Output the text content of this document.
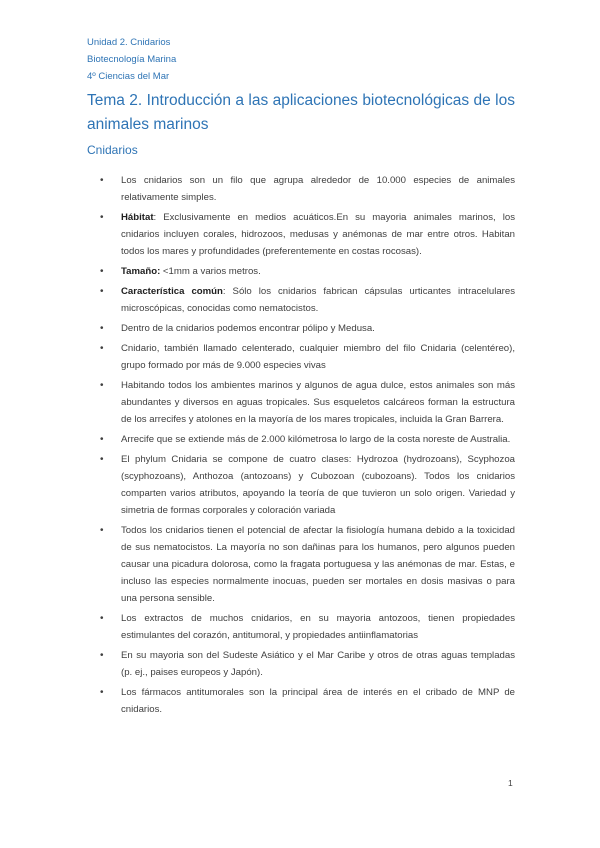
Unidad 2. Cnidarios
Biotecnología Marina
4º Ciencias del Mar
Tema 2. Introducción a las aplicaciones biotecnológicas de los animales marinos
Cnidarios
• Los cnidarios son un filo que agrupa alrededor de 10.000 especies de animales relativamente simples.
• Hábitat: Exclusivamente en medios acuáticos.En su mayoria animales marinos, los cnidarios incluyen corales, hidrozoos, medusas y anémonas de mar entre otros. Habitan todos los mares y profundidades (preferentemente en costas rocosas).
• Tamaño: <1mm a varios metros.
• Característica común: Sólo los cnidarios fabrican cápsulas urticantes intracelulares microscópicas, conocidas como nematocistos.
• Dentro de la cnidarios podemos encontrar pólipo y Medusa.
• Cnidario, también llamado celenterado, cualquier miembro del filo Cnidaria (celentéreo), grupo formado por más de 9.000 especies vivas
• Habitando todos los ambientes marinos y algunos de agua dulce, estos animales son más abundantes y diversos en aguas tropicales. Sus esqueletos calcáreos forman la estructura de los arrecifes y atolones en la mayoría de los mares tropicales, incluida la Gran Barrera.
• Arrecife que se extiende más de 2.000 kilómetrosa lo largo de la costa noreste de Australia.
• El phylum Cnidaria se compone de cuatro clases: Hydrozoa (hydrozoans), Scyphozoa (scyphozoans), Anthozoa (antozoans) y Cubozoan (cubozoans). Todos los cnidarios comparten varios atributos, apoyando la teoría de que tuvieron un solo origen. Variedad y simetria de formas corporales y coloración variada
• Todos los cnidarios tienen el potencial de afectar la fisiología humana debido a la toxicidad de sus nematocistos. La mayoría no son dañinas para los humanos, pero algunos pueden causar una picadura dolorosa, como la fragata portuguesa y las anémonas de mar. Estas, e incluso las especies normalmente inocuas, pueden ser mortales en dosis masivas o para una persona sensible.
• Los extractos de muchos cnidarios, en su mayoria antozoos, tienen propiedades estimulantes del corazón, antitumoral, y propiedades antiinflamatorias
• En su mayoria son del Sudeste Asiático y el Mar Caribe y otros de otras aguas templadas (p. ej., paises europeos y Japón).
• Los fármacos antitumorales son la principal área de interés en el cribado de MNP de cnidarios.
1
